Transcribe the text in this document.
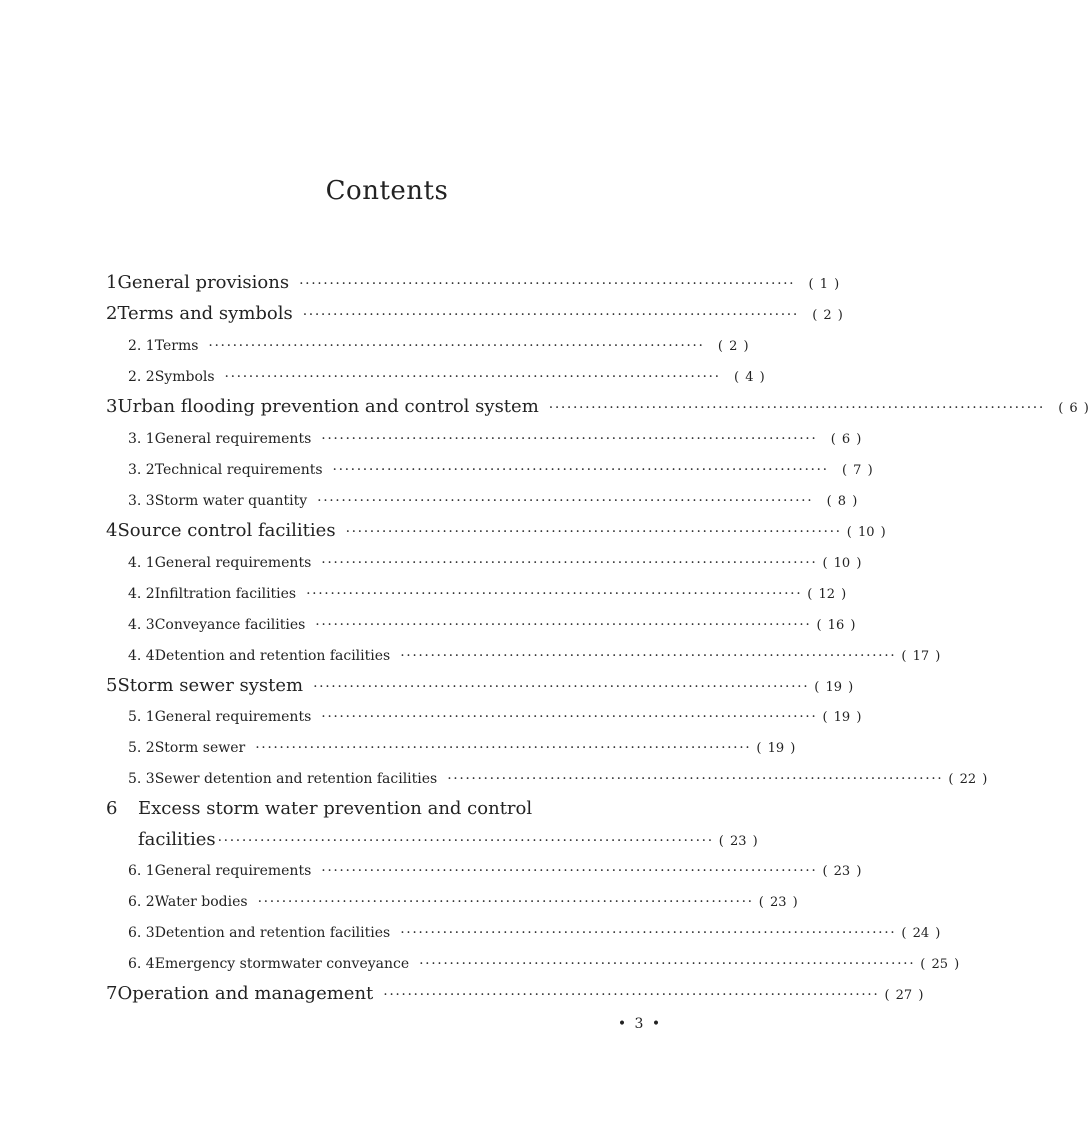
Contents
1 General provisions ··················································································	( 1 )
2 Terms and symbols ··················································································	( 2 )
2. 1 Terms ··················································································	( 2 )
2. 2 Symbols ··················································································	( 4 )
3 Urban flooding prevention and control system ··················································································	( 6 )
3. 1 General requirements ··················································································	( 6 )
3. 2 Technical requirements ··················································································	( 7 )
3. 3 Storm water quantity ··················································································	( 8 )
4 Source control facilities ·················································································· ( 10 )
4. 1 General requirements ·················································································· ( 10 )
4. 2 Infiltration facilities ·················································································· ( 12 )
4. 3 Conveyance facilities ·················································································· ( 16 )
4. 4 Detention and retention facilities ·················································································· ( 17 )
5 Storm sewer system ·················································································· ( 19 )
5. 1 General requirements ·················································································· ( 19 )
5. 2 Storm sewer ·················································································· ( 19 )
5. 3 Sewer detention and retention facilities ·················································································· ( 22 )
6	Excess storm water prevention and control
facilities ·················································································· ( 23 )
6. 1 General requirements ·················································································· ( 23 )
6. 2 Water bodies ·················································································· ( 23 )
6. 3 Detention and retention facilities ·················································································· ( 24 )
6. 4 Emergency stormwater conveyance ·················································································· ( 25 )
7 Operation and management ·················································································· ( 27 )
• 3 •
